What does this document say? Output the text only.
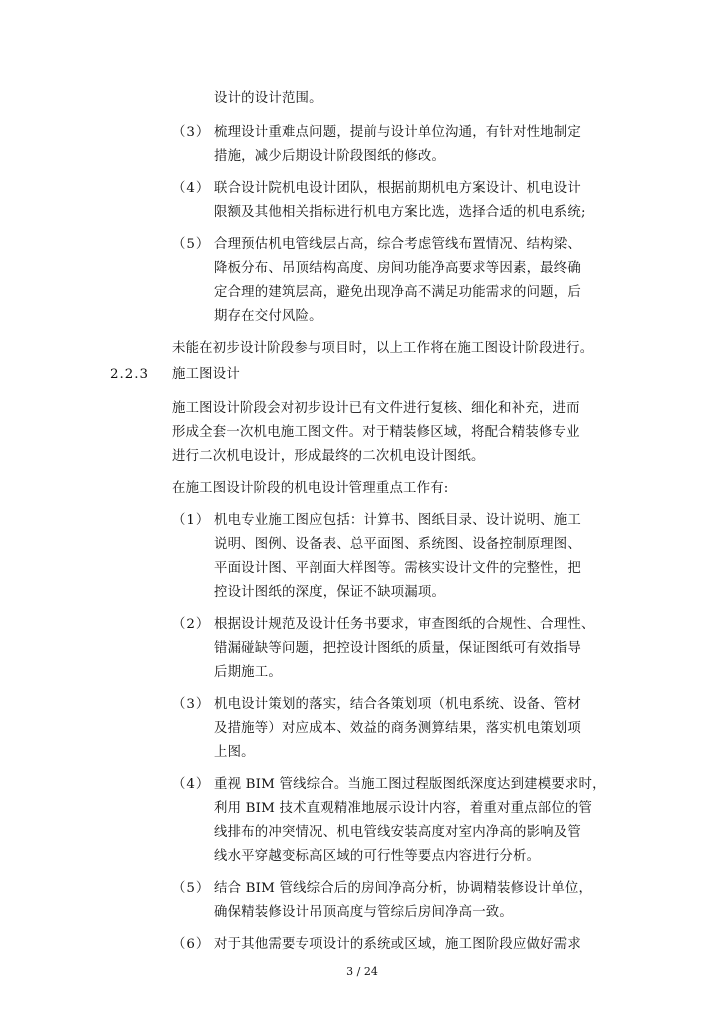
设计的设计范围。
（3） 梳理设计重难点问题，提前与设计单位沟通，有针对性地制定
措施，减少后期设计阶段图纸的修改。
（4） 联合设计院机电设计团队，根据前期机电方案设计、机电设计
限额及其他相关指标进行机电方案比选，选择合适的机电系统;
（5） 合理预估机电管线层占高，综合考虑管线布置情况、结构梁、
降板分布、吊顶结构高度、房间功能净高要求等因素，最终确
定合理的建筑层高，避免出现净高不满足功能需求的问题，后
期存在交付风险。
未能在初步设计阶段参与项目时，以上工作将在施工图设计阶段进行。
2.2.3 施工图设计
施工图设计阶段会对初步设计已有文件进行复核、细化和补充，进而
形成全套一次机电施工图文件。对于精装修区域，将配合精装修专业
进行二次机电设计，形成最终的二次机电设计图纸。
在施工图设计阶段的机电设计管理重点工作有:
（1） 机电专业施工图应包括：计算书、图纸目录、设计说明、施工
说明、图例、设备表、总平面图、系统图、设备控制原理图、
平面设计图、平剖面大样图等。需核实设计文件的完整性，把
控设计图纸的深度，保证不缺项漏项。
（2） 根据设计规范及设计任务书要求，审查图纸的合规性、合理性、
错漏碰缺等问题，把控设计图纸的质量，保证图纸可有效指导
后期施工。
（3） 机电设计策划的落实，结合各策划项（机电系统、设备、管材
及措施等）对应成本、效益的商务测算结果，落实机电策划项
上图。
（4） 重视 BIM 管线综合。当施工图过程版图纸深度达到建模要求时，
利用 BIM 技术直观精准地展示设计内容，着重对重点部位的管
线排布的冲突情况、机电管线安装高度对室内净高的影响及管
线水平穿越变标高区域的可行性等要点内容进行分析。
（5） 结合 BIM 管线综合后的房间净高分析，协调精装修设计单位，
确保精装修设计吊顶高度与管综后房间净高一致。
（6） 对于其他需要专项设计的系统或区域，施工图阶段应做好需求
3 / 24
